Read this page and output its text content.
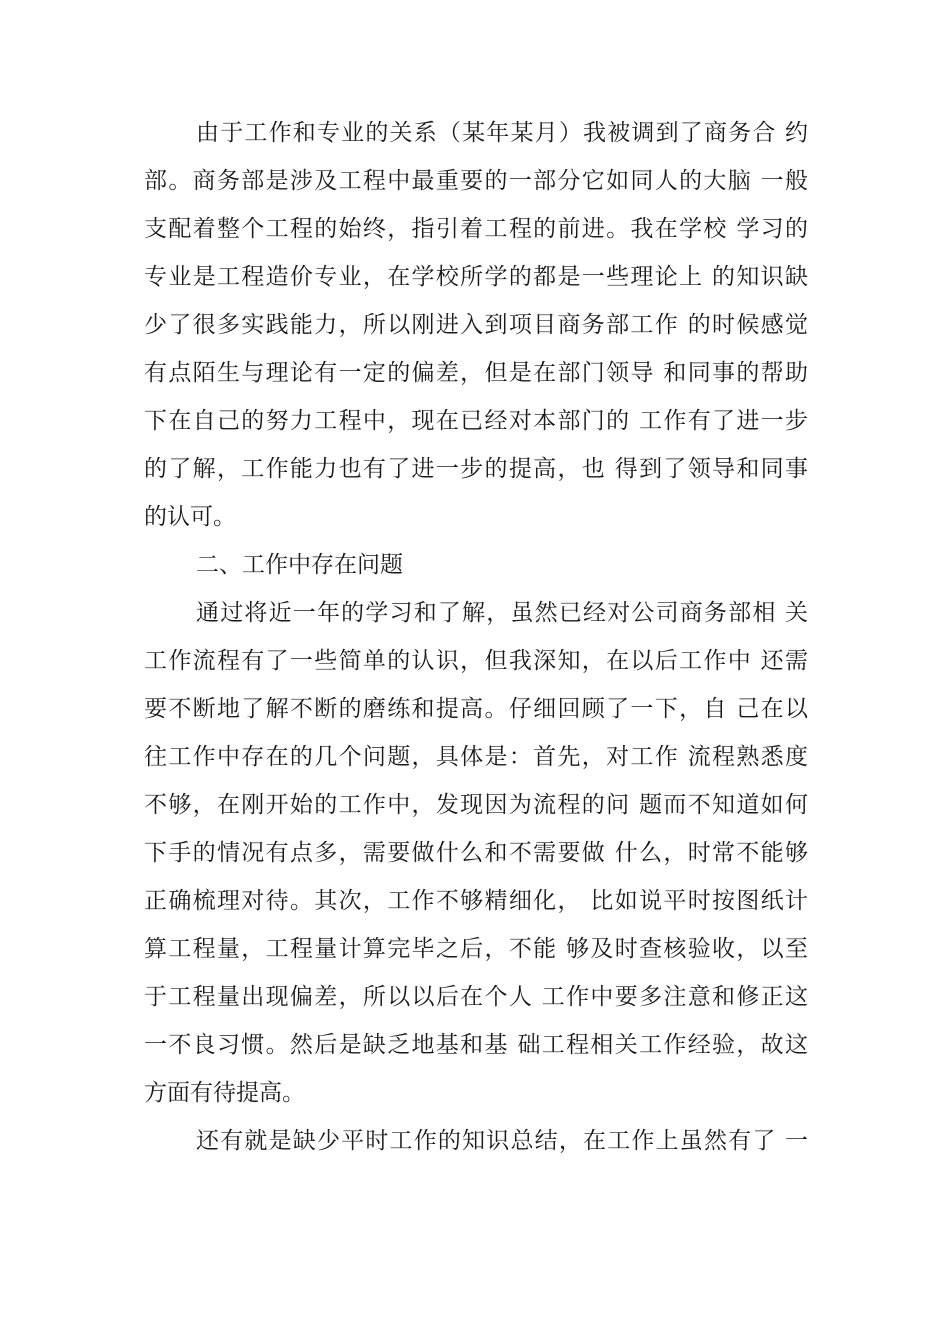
由于工作和专业的关系（某年某月）我被调到了商务合 约
部。商务部是涉及工程中最重要的一部分它如同人的大脑 一般
支配着整个工程的始终，指引着工程的前进。我在学校 学习的
专业是工程造价专业，在学校所学的都是一些理论上 的知识缺
少了很多实践能力，所以刚进入到项目商务部工作 的时候感觉
有点陌生与理论有一定的偏差，但是在部门领导 和同事的帮助
下在自己的努力工程中，现在已经对本部门的 工作有了进一步
的了解，工作能力也有了进一步的提高，也 得到了领导和同事
的认可。
二、工作中存在问题
通过将近一年的学习和了解，虽然已经对公司商务部相 关
工作流程有了一些简单的认识，但我深知，在以后工作中 还需
要不断地了解不断的磨练和提高。仔细回顾了一下，自 己在以
往工作中存在的几个问题，具体是：首先，对工作 流程熟悉度
不够，在刚开始的工作中，发现因为流程的问 题而不知道如何
下手的情况有点多，需要做什么和不需要做 什么，时常不能够
正确梳理对待。其次，工作不够精细化， 比如说平时按图纸计
算工程量，工程量计算完毕之后，不能 够及时查核验收，以至
于工程量出现偏差，所以以后在个人 工作中要多注意和修正这
一不良习惯。然后是缺乏地基和基 础工程相关工作经验，故这
方面有待提高。
还有就是缺少平时工作的知识总结，在工作上虽然有了 一
